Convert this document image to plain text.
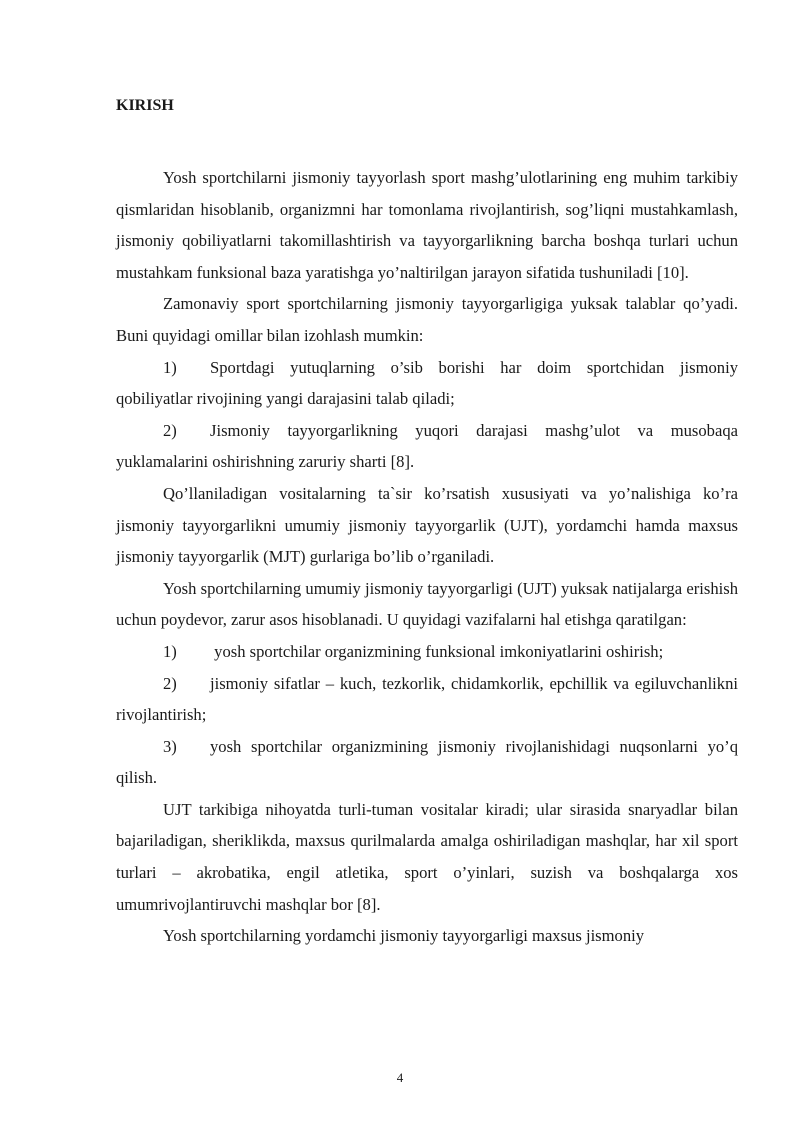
KIRISH

Yosh sportchilarni jismoniy tayyorlash sport mashg’ulotlarining eng muhim tarkibiy qismlaridan hisoblanib, organizmni har tomonlama rivojlantirish, sog’liqni mustahkamlash, jismoniy qobiliyatlarni takomillashtirish va tayyorgarlikning barcha boshqa turlari uchun mustahkam funksional baza yaratishga yo’naltirilgan jarayon sifatida tushuniladi [10].

Zamonaviy sport sportchilarning jismoniy tayyorgarligiga yuksak talablar qo’yadi. Buni quyidagi omillar bilan izohlash mumkin:

1) Sportdagi yutuqlarning o’sib borishi har doim sportchidan jismoniy qobiliyatlar rivojining yangi darajasini talab qiladi;

2) Jismoniy tayyorgarlikning yuqori darajasi mashg’ulot va musobaqa yuklamalarini oshirishning zaruriy sharti [8].

Qo’llaniladigan vositalarning ta`sir ko’rsatish xususiyati va yo’nalishiga ko’ra jismoniy tayyorgarlikni umumiy jismoniy tayyorgarlik (UJT), yordamchi hamda maxsus jismoniy tayyorgarlik (MJT) gurlariga bo’lib o’rganiladi.

Yosh sportchilarning umumiy jismoniy tayyorgarligi (UJT) yuksak natijalarga erishish uchun poydevor, zarur asos hisoblanadi. U quyidagi vazifalarni hal etishga qaratilgan:

1) yosh sportchilar organizmining funksional imkoniyatlarini oshirish;

2) jismoniy sifatlar – kuch, tezkorlik, chidamkorlik, epchillik va egiluvchanlikni rivojlantirish;

3) yosh sportchilar organizmining jismoniy rivojlanishidagi nuqsonlarni yo’q qilish.

UJT tarkibiga nihoyatda turli-tuman vositalar kiradi; ular sirasida snaryadlar bilan bajariladigan, sheriklikda, maxsus qurilmalarda amalga oshiriladigan mashqlar, har xil sport turlari – akrobatika, engil atletika, sport o’yinlari, suzish va boshqalarga xos umumrivojlantiruvchi mashqlar bor [8].

Yosh sportchilarning yordamchi jismoniy tayyorgarligi maxsus jismoniy

4
